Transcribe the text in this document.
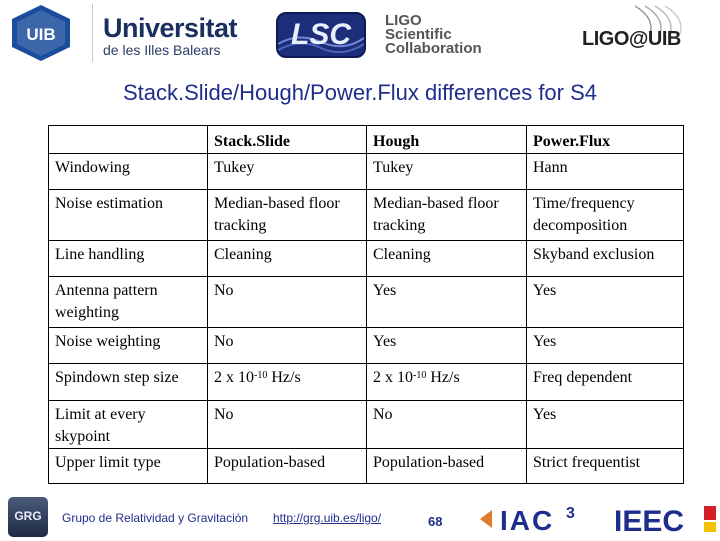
UIB Universitat
de les Illes Balears	LSC	LIGO
Scientific
Collaboration	LIGO@UIB
Stack.Slide/Hough/Power.Flux differences for S4
	Stack.Slide	Hough	Power.Flux
Windowing	Tukey	Tukey	Hann
Noise estimation	Median-based floor tracking	Median-based floor tracking	Time/frequency decomposition
Line handling	Cleaning	Cleaning	Skyband exclusion
Antenna pattern weighting	No	Yes	Yes
Noise weighting	No	Yes	Yes
Spindown step size	2 x $10^{-10}$ Hz/s	2 x $10^{-10}$ Hz/s	Freq dependent
Limit at every skypoint	No	No	Yes
Upper limit type	Population-based	Population-based	Strict frequentist
GRG	Grupo de Relatividad y Gravitación http://grg.uib.es/ligo/	68 IAC 3 IEEC
